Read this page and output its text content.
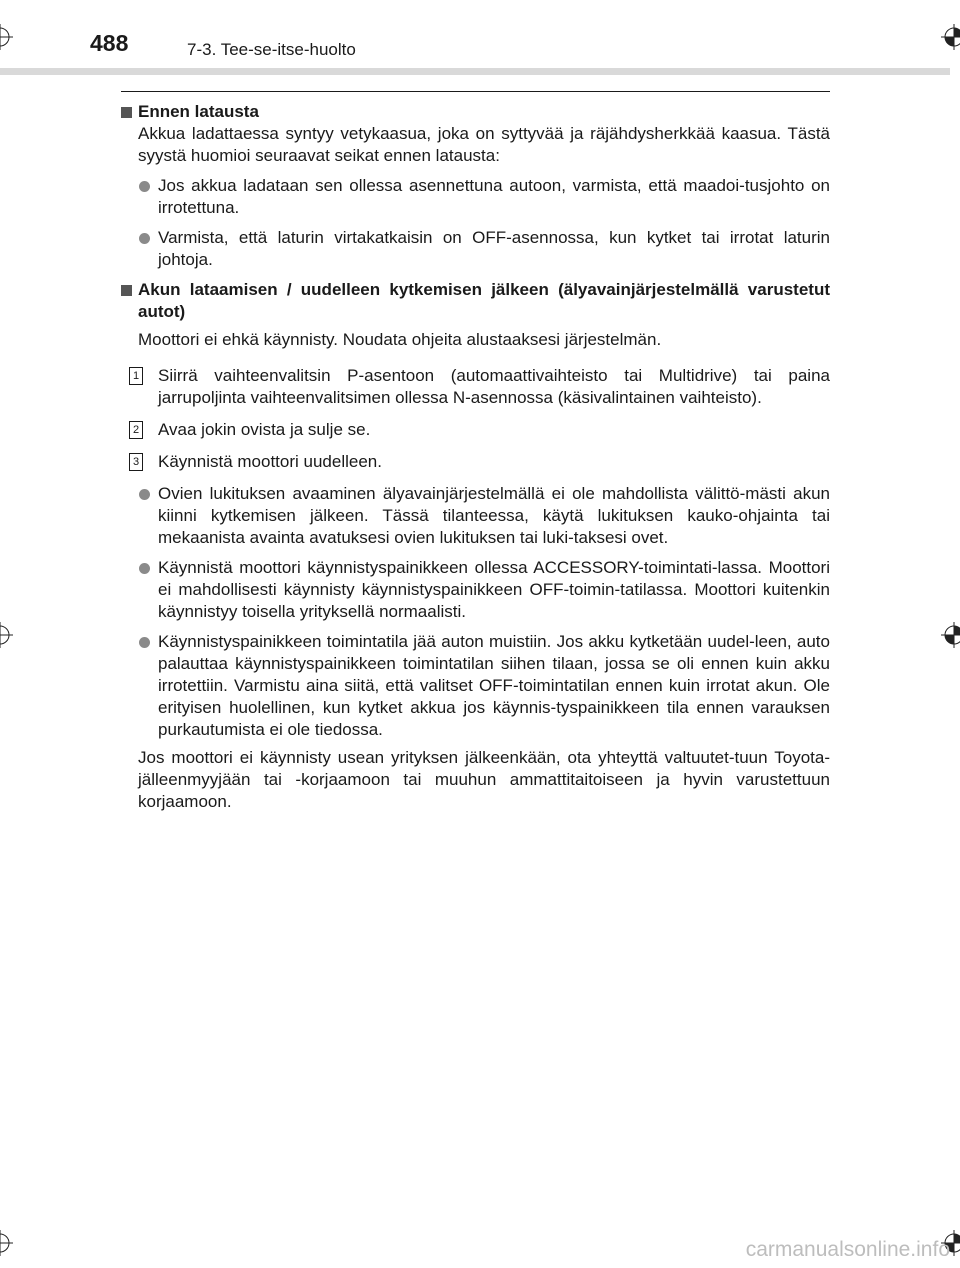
488	7-3. Tee-se-itse-huolto
Ennen latausta
Akkua ladattaessa syntyy vetykaasua, joka on syttyvää ja räjähdysherkkää kaasua. Tästä syystä huomioi seuraavat seikat ennen latausta:
Jos akkua ladataan sen ollessa asennettuna autoon, varmista, että maadoi-tusjohto on irrotettuna.
Varmista, että laturin virtakatkaisin on OFF-asennossa, kun kytket tai irrotat laturin johtoja.
Akun lataamisen / uudelleen kytkemisen jälkeen (älyavainjärjestelmällä varustetut autot)
Moottori ei ehkä käynnisty. Noudata ohjeita alustaaksesi järjestelmän.
1 Siirrä vaihteenvalitsin P-asentoon (automaattivaihteisto tai Multidrive) tai paina jarrupoljinta vaihteenvalitsimen ollessa N-asennossa (käsivalintainen vaihteisto).
2 Avaa jokin ovista ja sulje se.
3 Käynnistä moottori uudelleen.
Ovien lukituksen avaaminen älyavainjärjestelmällä ei ole mahdollista välittö-mästi akun kiinni kytkemisen jälkeen. Tässä tilanteessa, käytä lukituksen kauko-ohjainta tai mekaanista avainta avatuksesi ovien lukituksen tai luki-taksesi ovet.
Käynnistä moottori käynnistyspainikkeen ollessa ACCESSORY-toimintati-lassa. Moottori ei mahdollisesti käynnisty käynnistyspainikkeen OFF-toimin-tatilassa. Moottori kuitenkin käynnistyy toisella yrityksellä normaalisti.
Käynnistyspainikkeen toimintatila jää auton muistiin. Jos akku kytketään uudel-leen, auto palauttaa käynnistyspainikkeen toimintatilan siihen tilaan, jossa se oli ennen kuin akku irrotettiin. Varmistu aina siitä, että valitset OFF-toimintatilan ennen kuin irrotat akun. Ole erityisen huolellinen, kun kytket akkua jos käynnis-tyspainikkeen tila ennen varauksen purkautumista ei ole tiedossa.
Jos moottori ei käynnisty usean yrityksen jälkeenkään, ota yhteyttä valtuutet-tuun Toyota-jälleenmyyjään tai -korjaamoon tai muuhun ammattitaitoiseen ja hyvin varustettuun korjaamoon.
carmanualsonline.info
